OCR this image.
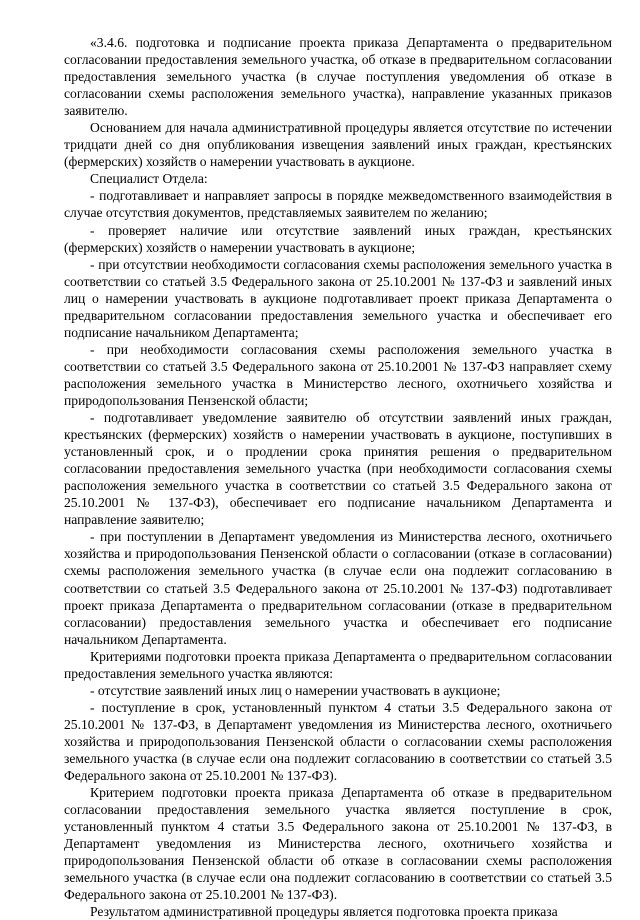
«3.4.6. подготовка и подписание проекта приказа Департамента о предварительном согласовании предоставления земельного участка, об отказе в предварительном согласовании предоставления земельного участка (в случае поступления уведомления об отказе в согласовании схемы расположения земельного участка), направление указанных приказов заявителю.

Основанием для начала административной процедуры является отсутствие по истечении тридцати дней со дня опубликования извещения заявлений иных граждан, крестьянских (фермерских) хозяйств о намерении участвовать в аукционе.

Специалист Отдела:

- подготавливает и направляет запросы в порядке межведомственного взаимодействия в случае отсутствия документов, представляемых заявителем по желанию;

- проверяет наличие или отсутствие заявлений иных граждан, крестьянских (фермерских) хозяйств о намерении участвовать в аукционе;

- при отсутствии необходимости согласования схемы расположения земельного участка в соответствии со статьей 3.5 Федерального закона от 25.10.2001 № 137-ФЗ и заявлений иных лиц о намерении участвовать в аукционе подготавливает проект приказа Департамента о предварительном согласовании предоставления земельного участка и обеспечивает его подписание начальником Департамента;

- при необходимости согласования схемы расположения земельного участка в соответствии со статьей 3.5 Федерального закона от 25.10.2001 № 137-ФЗ направляет схему расположения земельного участка в Министерство лесного, охотничьего хозяйства и природопользования Пензенской области;

- подготавливает уведомление заявителю об отсутствии заявлений иных граждан, крестьянских (фермерских) хозяйств о намерении участвовать в аукционе, поступивших в установленный срок, и о продлении срока принятия решения о предварительном согласовании предоставления земельного участка (при необходимости согласования схемы расположения земельного участка в соответствии со статьей 3.5 Федерального закона от 25.10.2001 № 137-ФЗ), обеспечивает его подписание начальником Департамента и направление заявителю;

- при поступлении в Департамент уведомления из Министерства лесного, охотничьего хозяйства и природопользования Пензенской области о согласовании (отказе в согласовании) схемы расположения земельного участка (в случае если она подлежит согласованию в соответствии со статьей 3.5 Федерального закона от 25.10.2001 № 137-ФЗ) подготавливает проект приказа Департамента о предварительном согласовании (отказе в предварительном согласовании) предоставления земельного участка и обеспечивает его подписание начальником Департамента.

Критериями подготовки проекта приказа Департамента о предварительном согласовании предоставления земельного участка являются:

- отсутствие заявлений иных лиц о намерении участвовать в аукционе;

- поступление в срок, установленный пунктом 4 статьи 3.5 Федерального закона от 25.10.2001 № 137-ФЗ, в Департамент уведомления из Министерства лесного, охотничьего хозяйства и природопользования Пензенской области о согласовании схемы расположения земельного участка (в случае если она подлежит согласованию в соответствии со статьей 3.5 Федерального закона от 25.10.2001 № 137-ФЗ).

Критерием подготовки проекта приказа Департамента об отказе в предварительном согласовании предоставления земельного участка является поступление в срок, установленный пунктом 4 статьи 3.5 Федерального закона от 25.10.2001 № 137-ФЗ, в Департамент уведомления из Министерства лесного, охотничьего хозяйства и природопользования Пензенской области об отказе в согласовании схемы расположения земельного участка (в случае если она подлежит согласованию в соответствии со статьей 3.5 Федерального закона от 25.10.2001 № 137-ФЗ).

Результатом административной процедуры является подготовка проекта приказа
